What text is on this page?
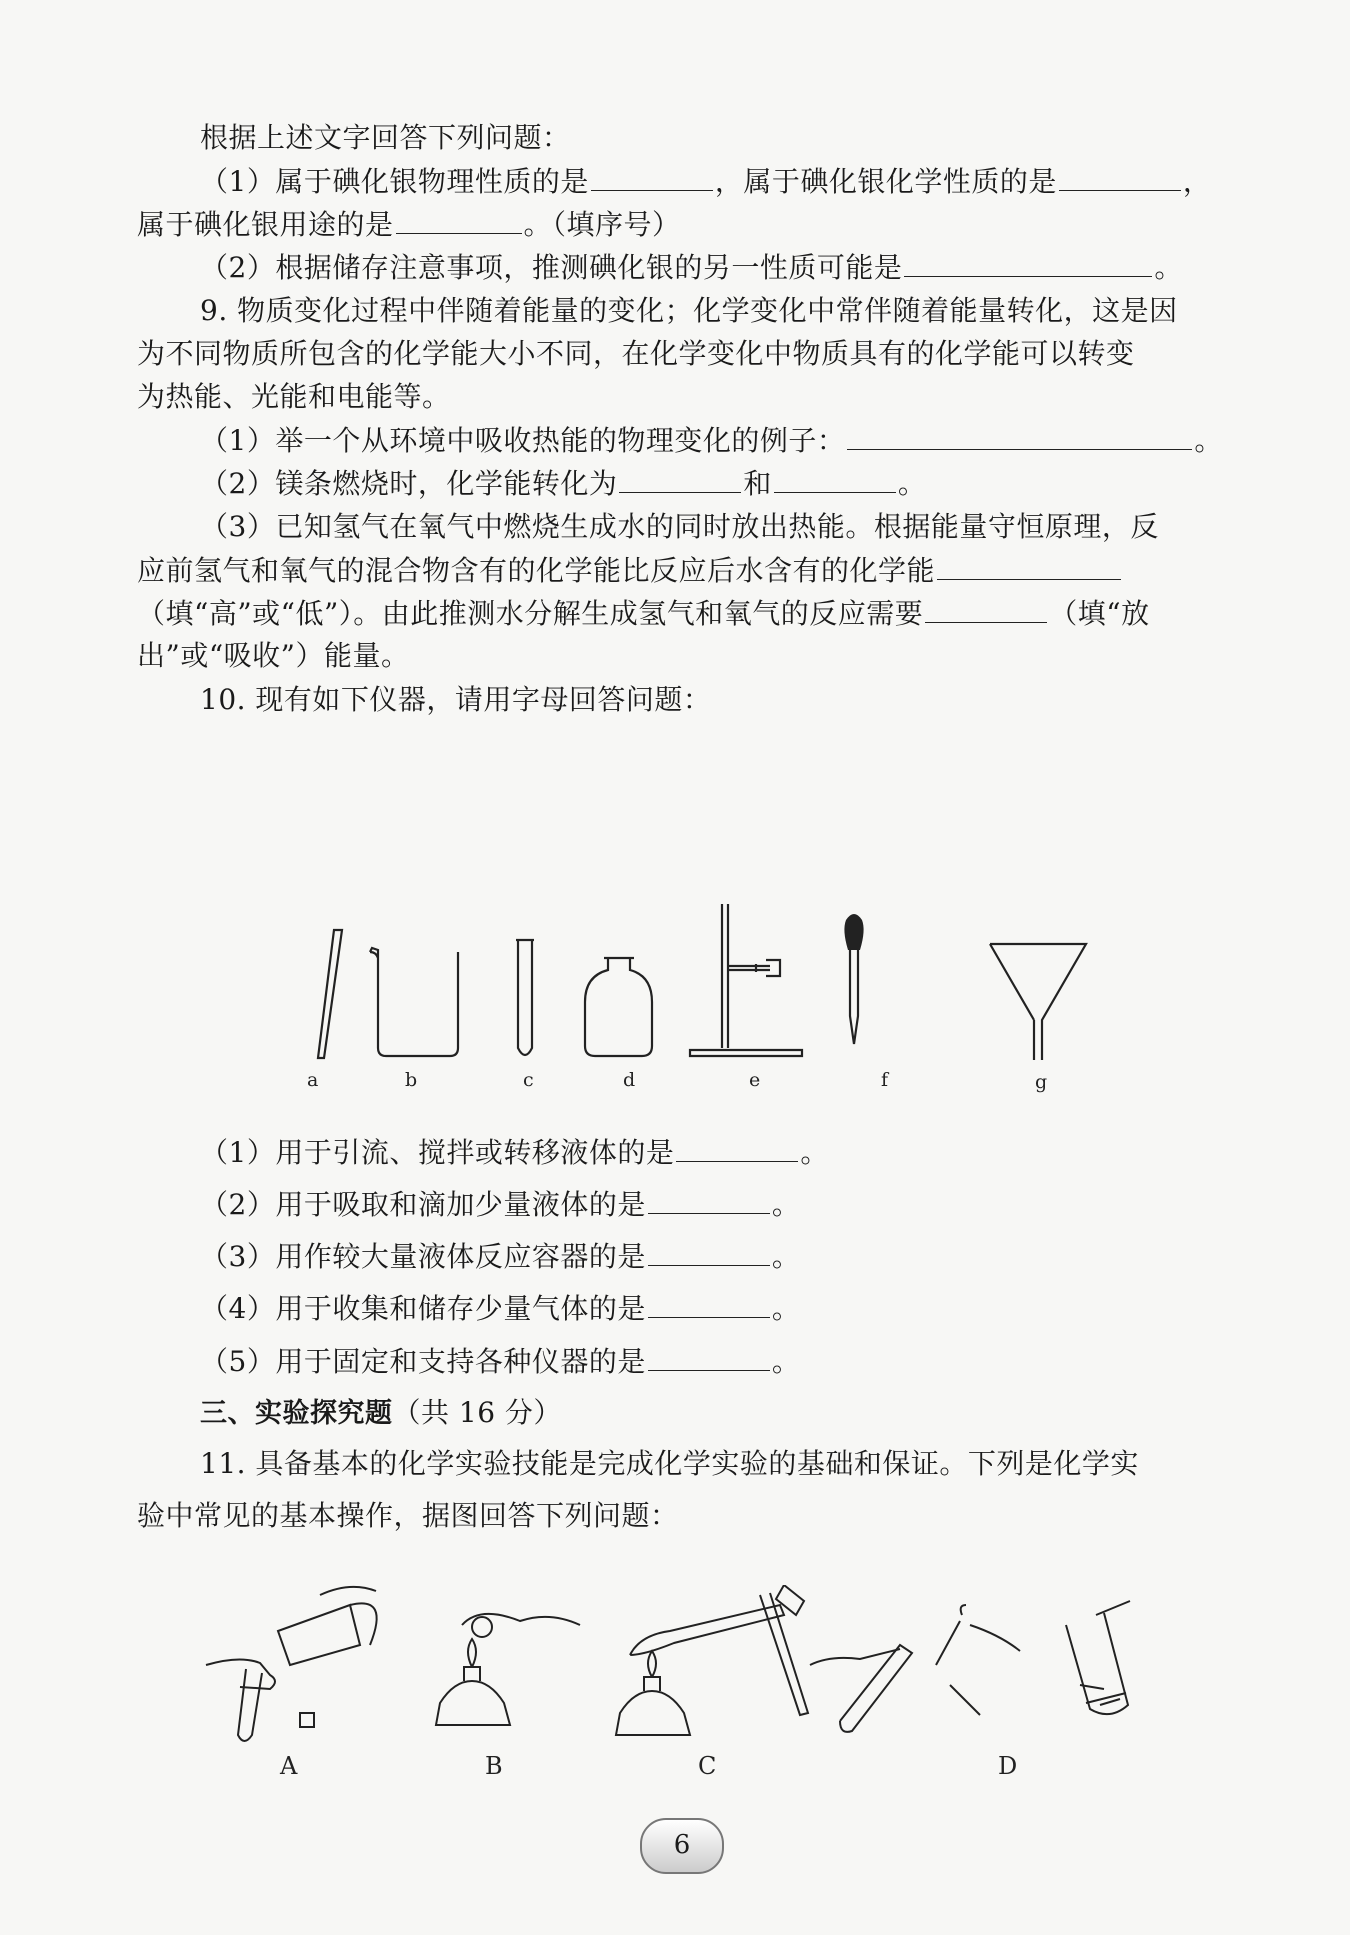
根据上述文字回答下列问题：
（1）属于碘化银物理性质的是	，属于碘化银化学性质的是	，
属于碘化银用途的是	。（填序号）
（2）根据储存注意事项，推测碘化银的另一性质可能是	。
9. 物质变化过程中伴随着能量的变化；化学变化中常伴随着能量转化，这是因
为不同物质所包含的化学能大小不同，在化学变化中物质具有的化学能可以转变
为热能、光能和电能等。
（1）举一个从环境中吸收热能的物理变化的例子：	。
（2）镁条燃烧时，化学能转化为	和	。
（3）已知氢气在氧气中燃烧生成水的同时放出热能。根据能量守恒原理，反
应前氢气和氧气的混合物含有的化学能比反应后水含有的化学能
（填“高”或“低”）。由此推测水分解生成氢气和氧气的反应需要	（填“放
出”或“吸收”）能量。
10. 现有如下仪器，请用字母回答问题：
a	b	c	d	e	f	g
（1）用于引流、搅拌或转移液体的是	。
（2）用于吸取和滴加少量液体的是	。
（3）用作较大量液体反应容器的是	。
（4）用于收集和储存少量气体的是	。
（5）用于固定和支持各种仪器的是	。
三、实验探究题（共 16 分）
11. 具备基本的化学实验技能是完成化学实验的基础和保证。下列是化学实
验中常见的基本操作，据图回答下列问题：
A	B	C	D
6
